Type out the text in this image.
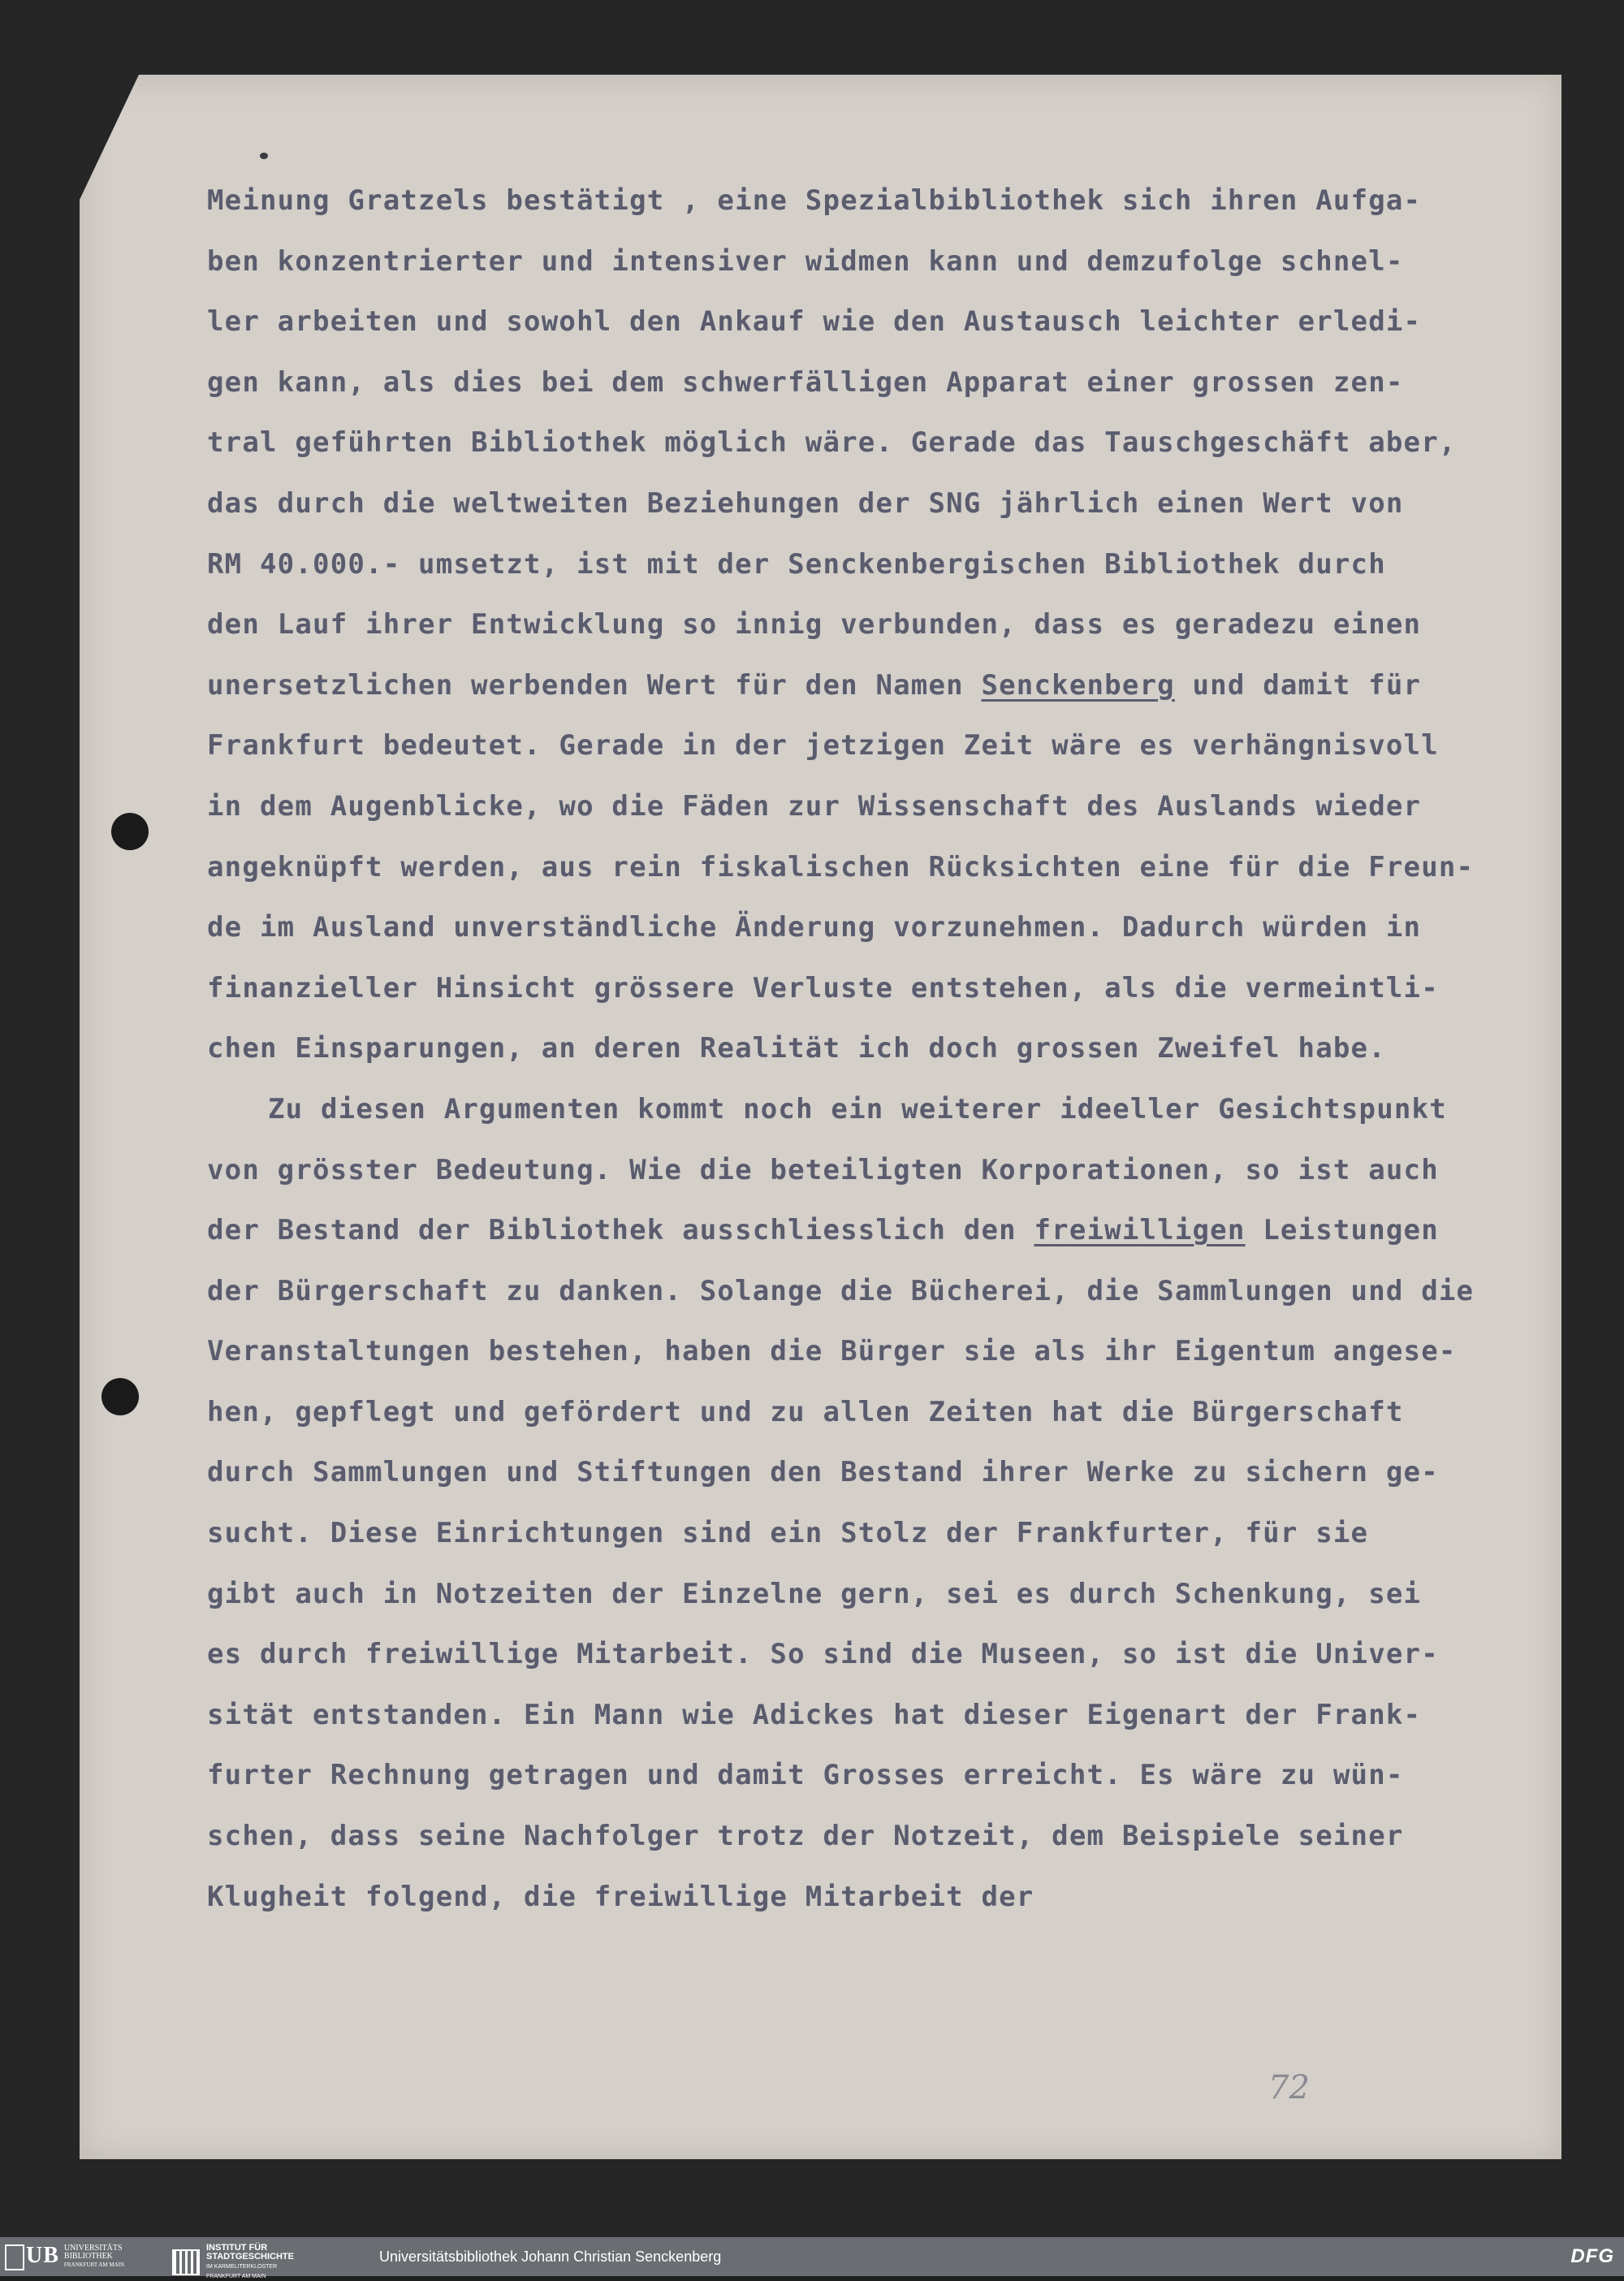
Meinung Gratzels bestätigt , eine Spezialbibliothek sich ihren Aufga-
ben konzentrierter und intensiver widmen kann und demzufolge schnel-
ler arbeiten und sowohl den Ankauf wie den Austausch leichter erledi-
gen kann, als dies bei dem schwerfälligen Apparat einer grossen zen-
tral geführten Bibliothek möglich wäre. Gerade das Tauschgeschäft aber,
das durch die weltweiten Beziehungen der SNG jährlich einen Wert von
RM 40.000.- umsetzt, ist mit der Senckenbergischen Bibliothek durch
den Lauf ihrer Entwicklung so innig verbunden, dass es geradezu einen
unersetzlichen werbenden Wert für den Namen Senckenberg und damit für
Frankfurt bedeutet. Gerade in der jetzigen Zeit wäre es verhängnisvoll
in dem Augenblicke, wo die Fäden zur Wissenschaft des Auslands wieder
angeknüpft werden, aus rein fiskalischen Rücksichten eine für die Freun-
de im Ausland unverständliche Änderung vorzunehmen. Dadurch würden in
finanzieller Hinsicht grössere Verluste entstehen, als die vermeintli-
chen Einsparungen, an deren Realität ich doch grossen Zweifel habe.
Zu diesen Argumenten kommt noch ein weiterer ideeller Gesichtspunkt
von grösster Bedeutung. Wie die beteiligten Korporationen, so ist auch
der Bestand der Bibliothek ausschliesslich den freiwilligen Leistungen
der Bürgerschaft zu danken. Solange die Bücherei, die Sammlungen und die
Veranstaltungen bestehen, haben die Bürger sie als ihr Eigentum angese-
hen, gepflegt und gefördert und zu allen Zeiten hat die Bürgerschaft
durch Sammlungen und Stiftungen den Bestand ihrer Werke zu sichern ge-
sucht. Diese Einrichtungen sind ein Stolz der Frankfurter, für sie
gibt auch in Notzeiten der Einzelne gern, sei es durch Schenkung, sei
es durch freiwillige Mitarbeit. So sind die Museen, so ist die Univer-
sität entstanden. Ein Mann wie Adickes hat dieser Eigenart der Frank-
furter Rechnung getragen und damit Grosses erreicht. Es wäre zu wün-
schen, dass seine Nachfolger trotz der Notzeit, dem Beispiele seiner
Klugheit folgend, die freiwillige Mitarbeit der
72
UB UNIVERSITÄTS
BIBLIOTHEK
FRANKFURT AM MAIN
INSTITUT FÜR
STADTGESCHICHTE
IM KARMELITERKLOSTER
FRANKFURT AM MAIN
Universitätsbibliothek Johann Christian Senckenberg	DFG
